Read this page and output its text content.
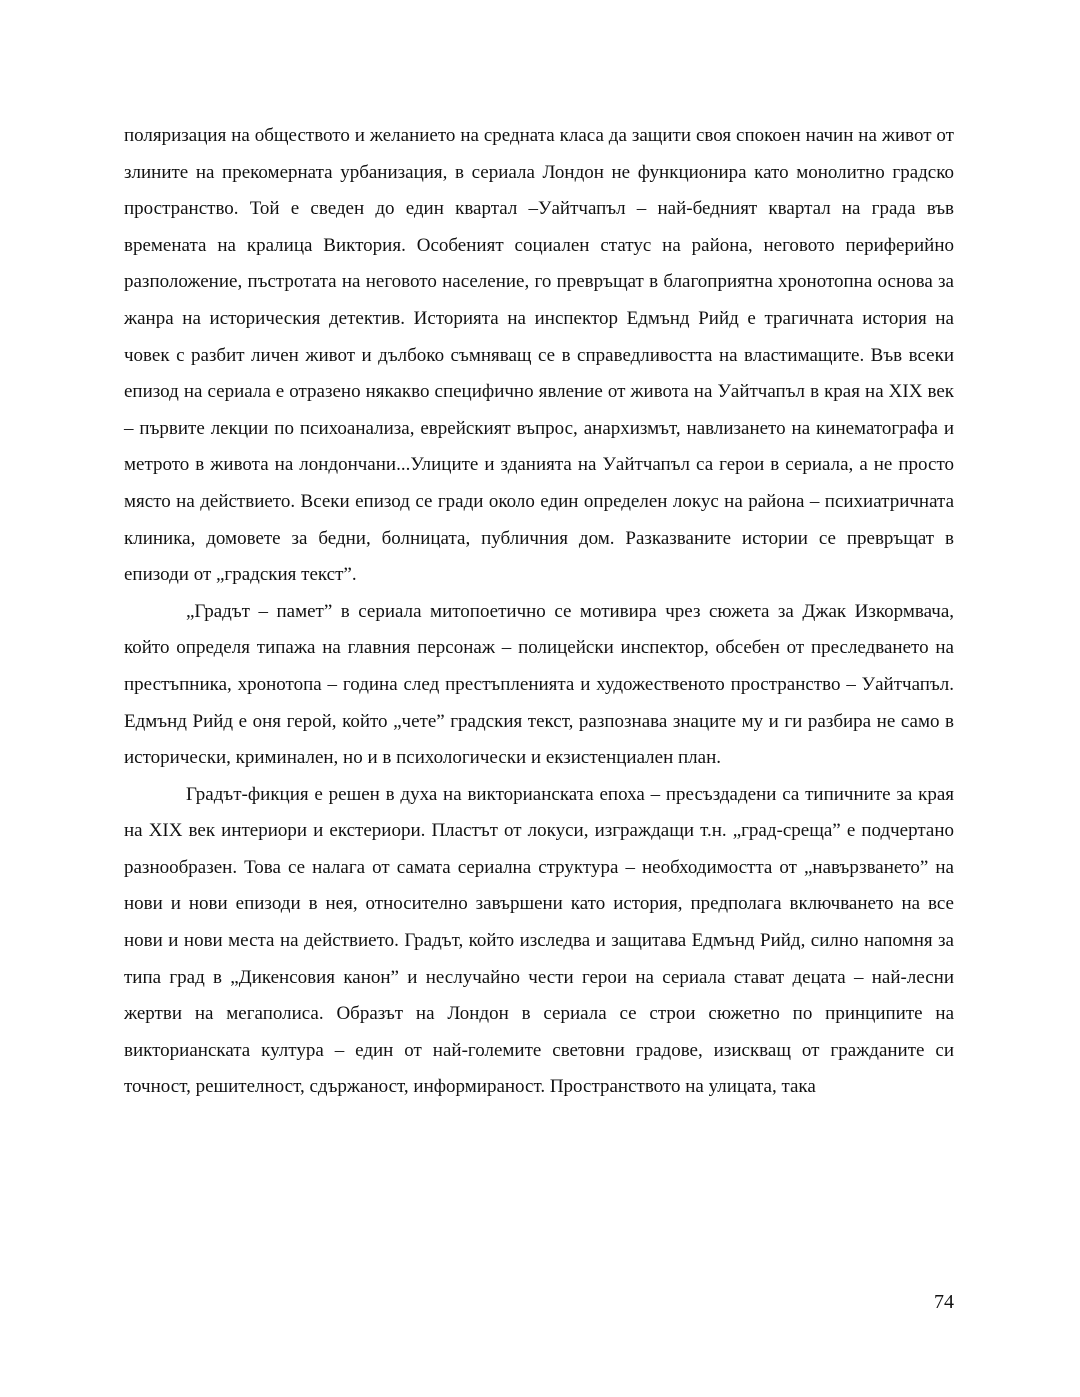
поляризация на обществото и желанието на средната класа да защити своя спокоен начин на живот от злините на прекомерната урбанизация, в сериала Лондон не функционира като монолитно градско пространство. Той е сведен до един квартал –Уайтчапъл – най-бедният квартал на града във времената на кралица Виктория. Особеният социален статус на района, неговото периферийно разположение, пъстротата на неговото население, го превръщат в благоприятна хронотопна основа за жанра на историческия детектив. Историята на инспектор Едмънд Рийд е трагичната история на човек с разбит личен живот и дълбоко съмняващ се в справедливостта на властимащите. Във всеки епизод на сериала е отразено някакво специфично явление от живота на Уайтчапъл в края на XIX век – първите лекции по психоанализа, еврейският въпрос, анархизмът, навлизането на кинематографа и метрото в живота на лондончани...Улиците и зданията на Уайтчапъл са герои в сериала, а не просто място на действието. Всеки епизод се гради около един определен локус на района – психиатричната клиника, домовете за бедни, болницата, публичния дом. Разказваните истории се превръщат в епизоди от „градския текст”.

„Градът – памет” в сериала митопоетично се мотивира чрез сюжета за Джак Изкормвача, който определя типажа на главния персонаж – полицейски инспектор, обсебен от преследването на престъпника, хронотопа – година след престъпленията и художественото пространство – Уайтчапъл. Едмънд Рийд е оня герой, който „чете” градския текст, разпознава знаците му и ги разбира не само в исторически, криминален, но и в психологически и екзистенциален план.

Градът-фикция е решен в духа на викторианската епоха – пресъздадени са типичните за края на XIX век интериори и екстериори. Пластът от локуси, изграждащи т.н. „град-среща” е подчертано разнообразен. Това се налага от самата сериална структура – необходимостта от „навързването” на нови и нови епизоди в нея, относително завършени като история, предполага включването на все нови и нови места на действието. Градът, който изследва и защитава Едмънд Рийд, силно напомня за типа град в „Дикенсовия канон” и неслучайно чести герои на сериала стават децата – най-лесни жертви на мегаполиса. Образът на Лондон в сериала се строи сюжетно по принципите на викторианската култура – един от най-големите световни градове, изискващ от гражданите си точност, решителност, сдържаност, информираност. Пространството на улицата, така

74
